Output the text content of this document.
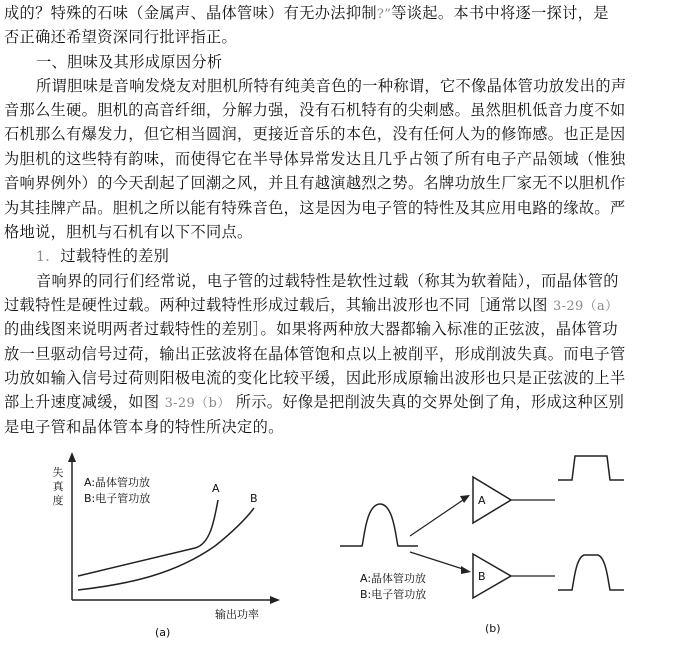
成的？特殊的石味（金属声、晶体管味）有无办法抑制?”等谈起。本书中将逐一探讨，是
否正确还希望资深同行批评指正。
一、胆味及其形成原因分析
所谓胆味是音响发烧友对胆机所特有纯美音色的一种称谓，它不像晶体管功放发出的声
音那么生硬。胆机的高音纤细，分解力强，没有石机特有的尖刺感。虽然胆机低音力度不如
石机那么有爆发力，但它相当圆润，更接近音乐的本色，没有任何人为的修饰感。也正是因
为胆机的这些特有韵味，而使得它在半导体异常发达且几乎占领了所有电子产品领域（惟独
音响界例外）的今天刮起了回潮之风，并且有越演越烈之势。名牌功放生厂家无不以胆机作
为其挂牌产品。胆机之所以能有特殊音色，这是因为电子管的特性及其应用电路的缘故。严
格地说，胆机与石机有以下不同点。
1. 过载特性的差别
音响界的同行们经常说，电子管的过载特性是软性过载（称其为软着陆），而晶体管的
过载特性是硬性过载。两种过载特性形成过载后，其输出波形也不同［通常以图 3-29（a）
的曲线图来说明两者过载特性的差别］。如果将两种放大器都输入标准的正弦波，晶体管功
放一旦驱动信号过荷，输出正弦波将在晶体管饱和点以上被削平，形成削波失真。而电子管
功放如输入信号过荷则阳极电流的变化比较平缓，因此形成原输出波形也只是正弦波的上半
部上升速度减缓，如图 3-29（b） 所示。好像是把削波失真的交界处倒了角，形成这种区别
是电子管和晶体管本身的特性所决定的。
失
真
度
A:晶体管功放
B:电子管功放
A
B
输出功率
(a)
A
B
A:晶体管功放
B:电子管功放
(b)
